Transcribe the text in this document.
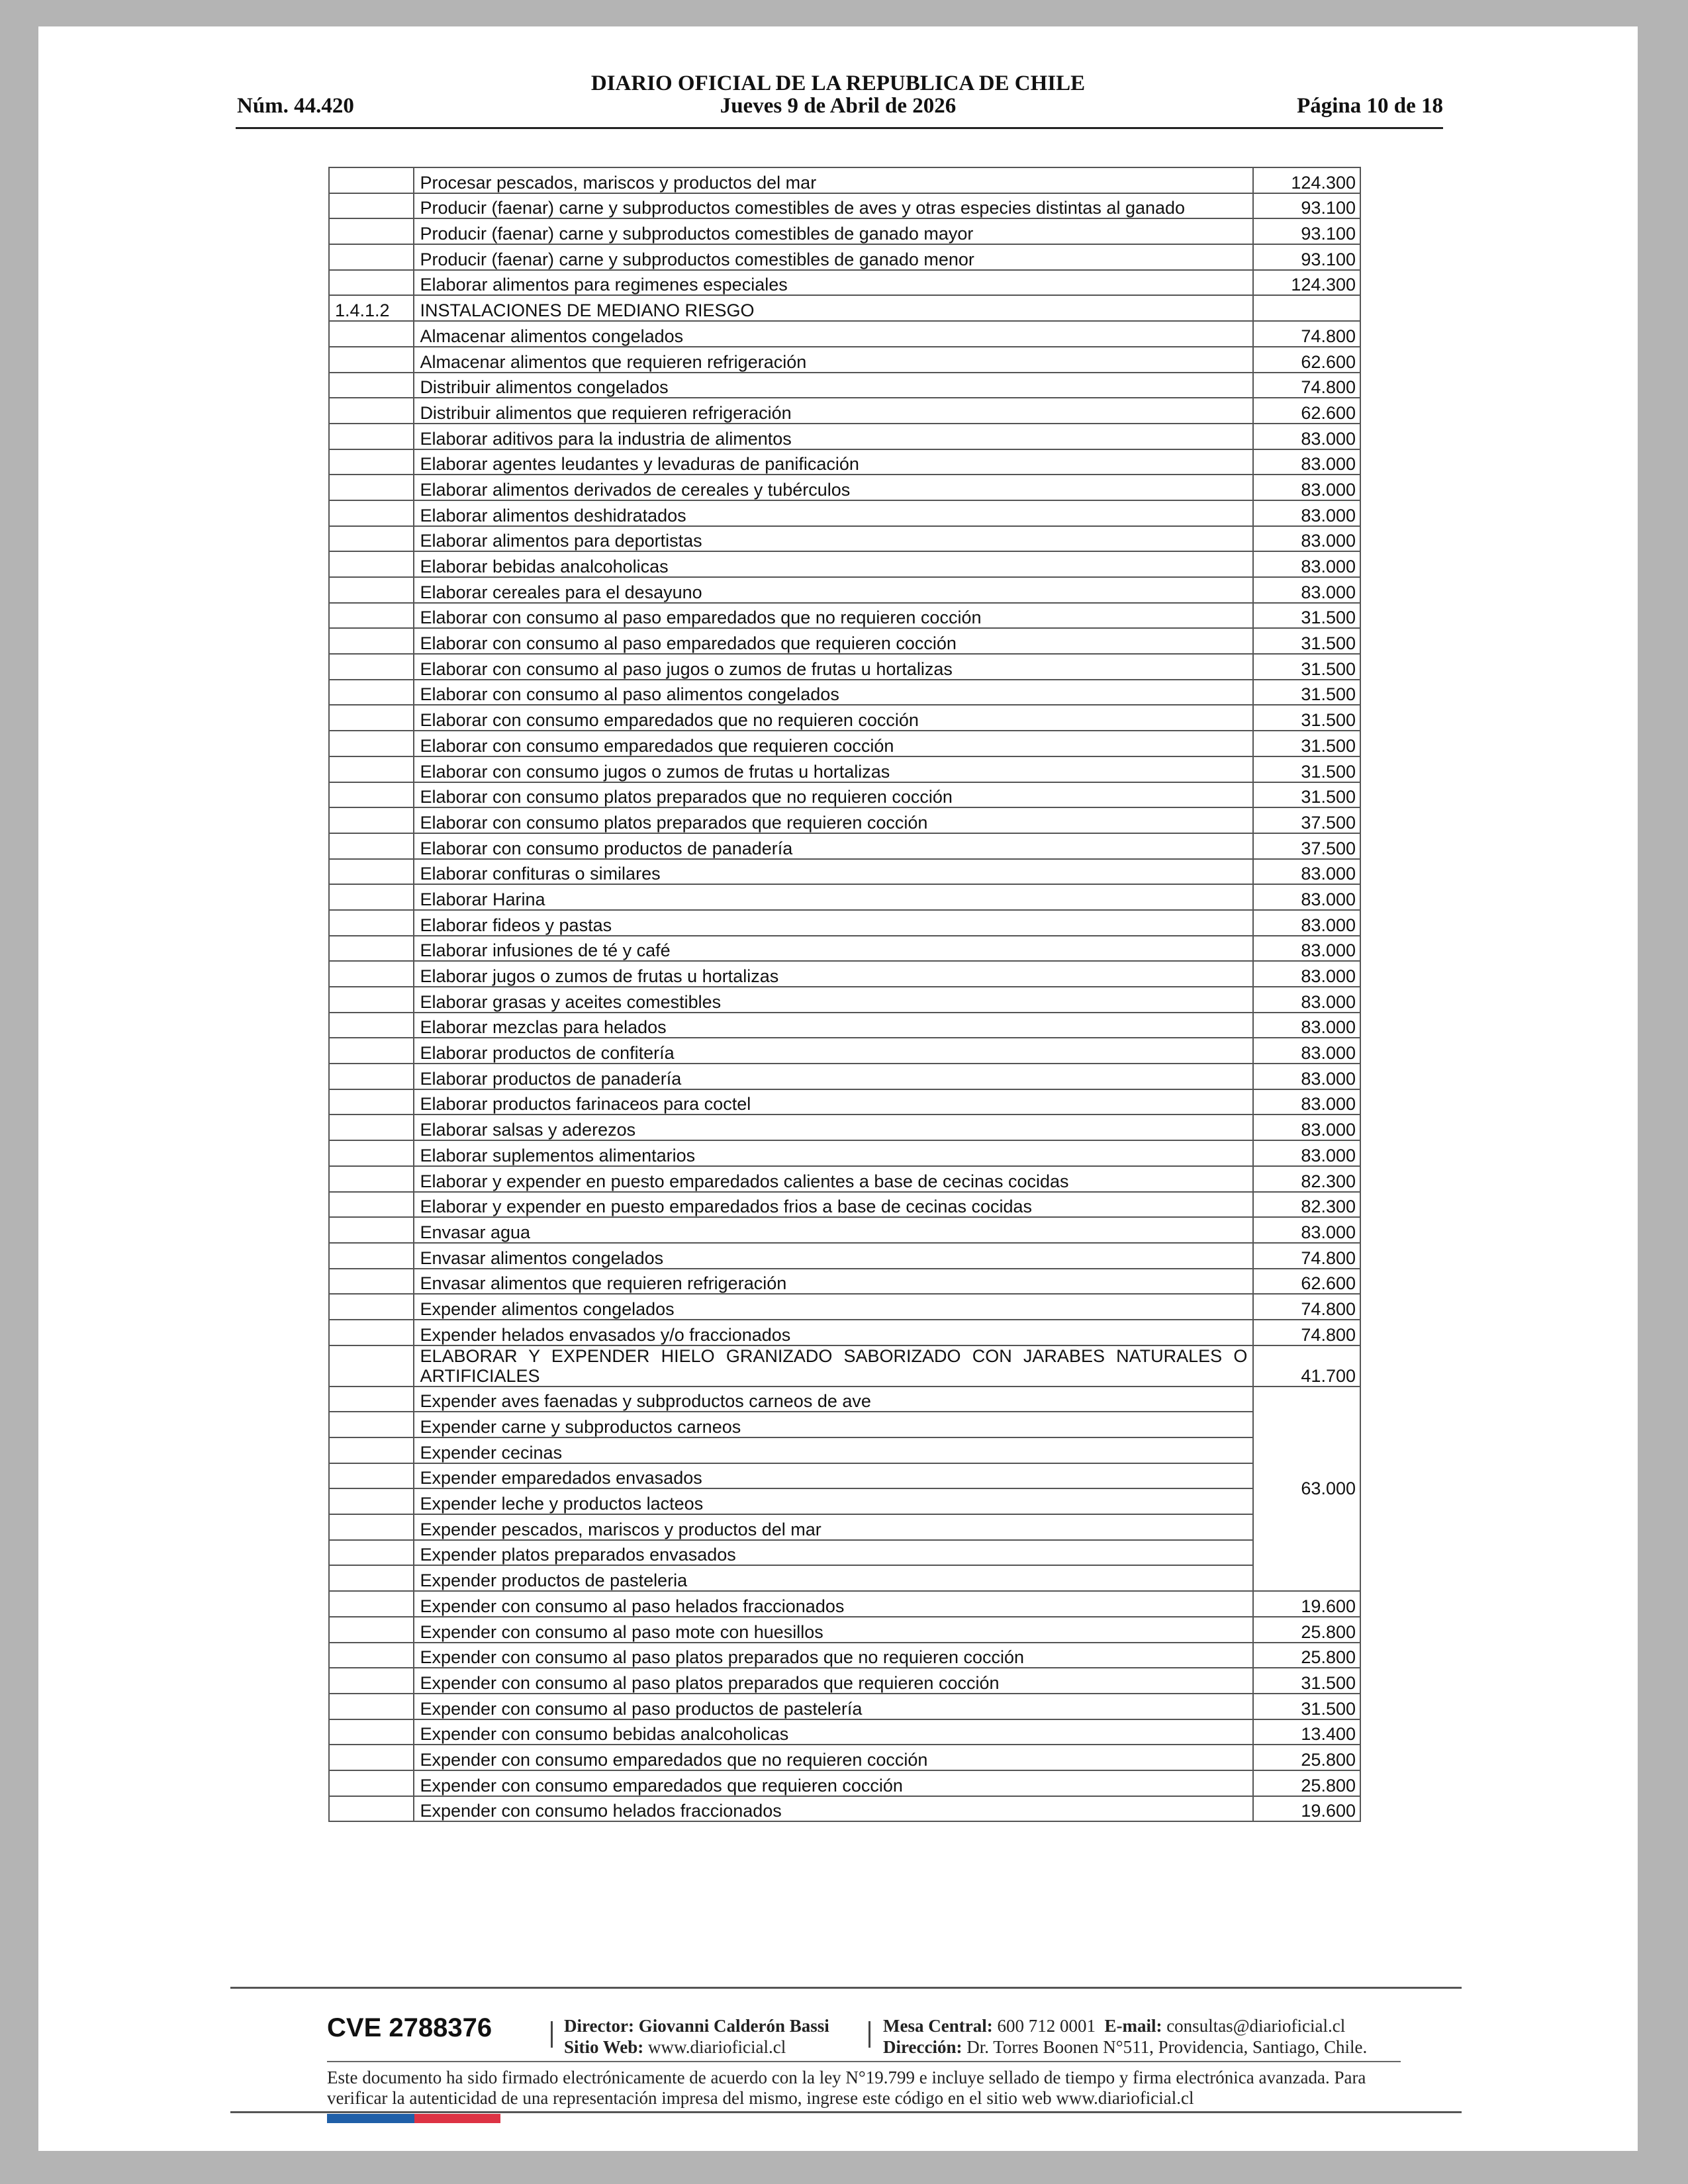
DIARIO OFICIAL DE LA REPUBLICA DE CHILE
Núm. 44.420	Jueves 9 de Abril de 2026	Página 10 de 18
	Procesar pescados, mariscos y productos del mar	124.300
	Producir (faenar) carne y subproductos comestibles de aves y otras especies distintas al ganado	93.100
	Producir (faenar) carne y subproductos comestibles de ganado mayor	93.100
	Producir (faenar) carne y subproductos comestibles de ganado menor	93.100
	Elaborar alimentos para regimenes especiales	124.300
1.4.1.2	INSTALACIONES DE MEDIANO RIESGO	
	Almacenar alimentos congelados	74.800
	Almacenar alimentos que requieren refrigeración	62.600
	Distribuir alimentos congelados	74.800
	Distribuir alimentos que requieren refrigeración	62.600
	Elaborar aditivos para la industria de alimentos	83.000
	Elaborar agentes leudantes y levaduras de panificación	83.000
	Elaborar alimentos derivados de cereales y tubérculos	83.000
	Elaborar alimentos deshidratados	83.000
	Elaborar alimentos para deportistas	83.000
	Elaborar bebidas analcoholicas	83.000
	Elaborar cereales para el desayuno	83.000
	Elaborar con consumo al paso emparedados que no requieren cocción	31.500
	Elaborar con consumo al paso emparedados que requieren cocción	31.500
	Elaborar con consumo al paso jugos o zumos de frutas u hortalizas	31.500
	Elaborar con consumo al paso alimentos congelados	31.500
	Elaborar con consumo emparedados que no requieren cocción	31.500
	Elaborar con consumo emparedados que requieren cocción	31.500
	Elaborar con consumo jugos o zumos de frutas u hortalizas	31.500
	Elaborar con consumo platos preparados que no requieren cocción	31.500
	Elaborar con consumo platos preparados que requieren cocción	37.500
	Elaborar con consumo productos de panadería	37.500
	Elaborar confituras o similares	83.000
	Elaborar Harina	83.000
	Elaborar fideos y pastas	83.000
	Elaborar infusiones de té y café	83.000
	Elaborar jugos o zumos de frutas u hortalizas	83.000
	Elaborar grasas y aceites comestibles	83.000
	Elaborar mezclas para helados	83.000
	Elaborar productos de confitería	83.000
	Elaborar productos de panadería	83.000
	Elaborar productos farinaceos para coctel	83.000
	Elaborar salsas y aderezos	83.000
	Elaborar suplementos alimentarios	83.000
	Elaborar y expender en puesto emparedados calientes a base de cecinas cocidas	82.300
	Elaborar y expender en puesto emparedados frios a base de cecinas cocidas	82.300
	Envasar agua	83.000
	Envasar alimentos congelados	74.800
	Envasar alimentos que requieren refrigeración	62.600
	Expender alimentos congelados	74.800
	Expender helados envasados y/o fraccionados	74.800
	ELABORAR Y EXPENDER HIELO GRANIZADO SABORIZADO CON JARABES NATURALES O ARTIFICIALES	41.700
	Expender aves faenadas y subproductos carneos de ave	63.000
	Expender carne y subproductos carneos	
	Expender cecinas	
	Expender emparedados envasados	
	Expender leche y productos lacteos	
	Expender pescados, mariscos y productos del mar	
	Expender platos preparados envasados	
	Expender productos de pasteleria	
	Expender con consumo al paso helados fraccionados	19.600
	Expender con consumo al paso mote con huesillos	25.800
	Expender con consumo al paso platos preparados que no requieren cocción	25.800
	Expender con consumo al paso platos preparados que requieren cocción	31.500
	Expender con consumo al paso productos de pastelería	31.500
	Expender con consumo bebidas analcoholicas	13.400
	Expender con consumo emparedados que no requieren cocción	25.800
	Expender con consumo emparedados que requieren cocción	25.800
	Expender con consumo helados fraccionados	19.600
CVE 2788376	Director: Giovanni Calderón Bassi
Sitio Web: www.diarioficial.cl
Mesa Central: 600 712 0001 E-mail: consultas@diarioficial.cl
Dirección: Dr. Torres Boonen N°511, Providencia, Santiago, Chile.
Este documento ha sido firmado electrónicamente de acuerdo con la ley N°19.799 e incluye sellado de tiempo y firma electrónica avanzada. Para verificar la autenticidad de una representación impresa del mismo, ingrese este código en el sitio web www.diarioficial.cl
